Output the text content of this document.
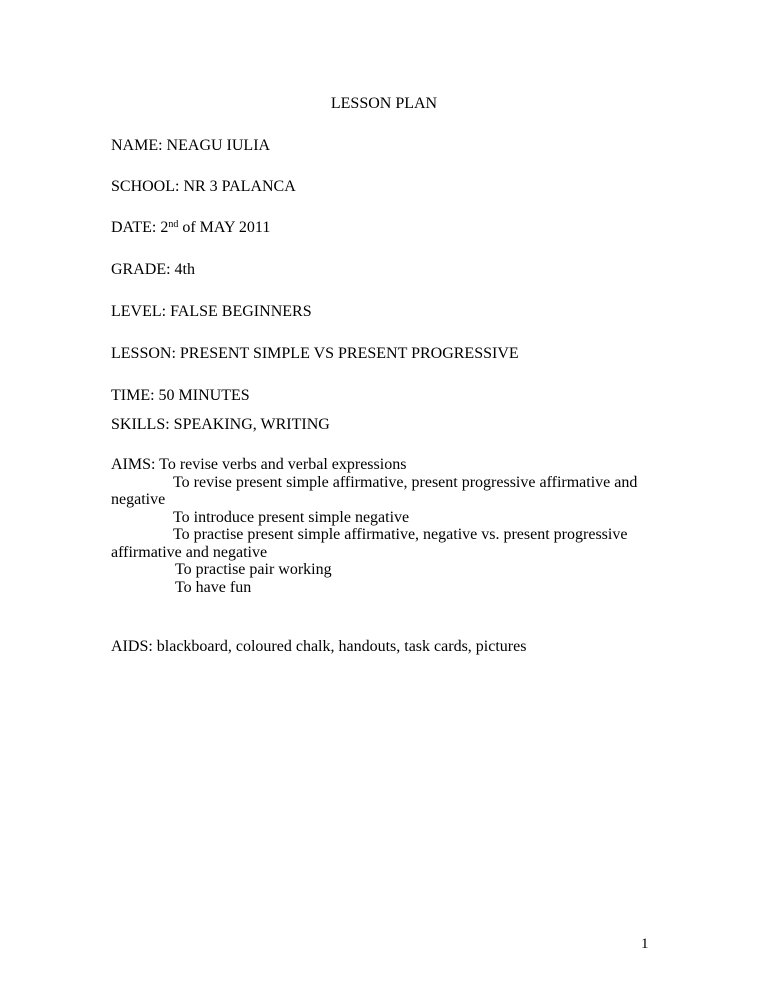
LESSON PLAN
NAME: NEAGU IULIA
SCHOOL: NR 3 PALANCA
DATE: 2nd of MAY 2011
GRADE: 4th
LEVEL: FALSE BEGINNERS
LESSON: PRESENT SIMPLE VS PRESENT PROGRESSIVE
TIME: 50 MINUTES
SKILLS: SPEAKING, WRITING
AIMS: To revise verbs and verbal expressions
To revise present simple affirmative, present progressive affirmative and negative
To introduce present simple negative
To practise present simple affirmative, negative vs. present progressive affirmative and negative
To practise pair working
To have fun
AIDS: blackboard, coloured chalk, handouts, task cards, pictures
1
